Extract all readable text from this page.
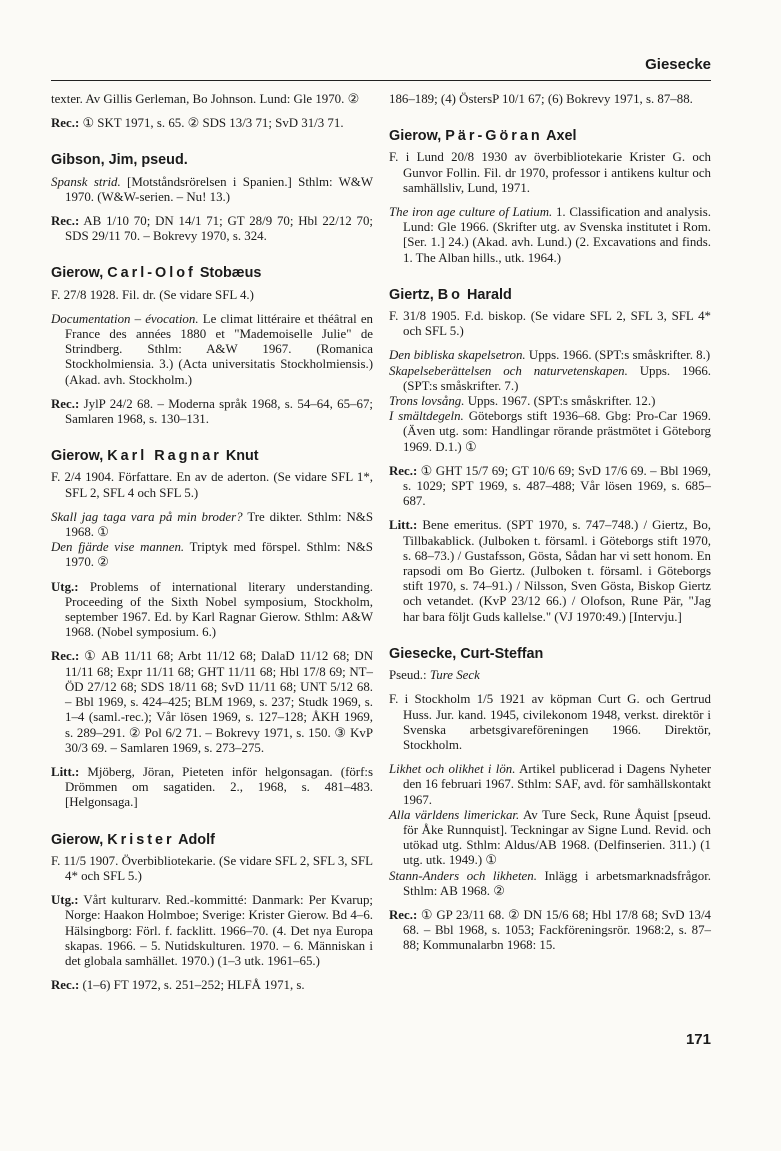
Giesecke

texter. Av Gillis Gerleman, Bo Johnson. Lund: Gle 1970. ②

Rec.: ① SKT 1971, s. 65. ② SDS 13/3 71; SvD 31/3 71.

Gibson, Jim, pseud.

Spansk strid. [Motståndsrörelsen i Spanien.] Sthlm: W&W 1970. (W&W-serien. – Nu! 13.)

Rec.: AB 1/10 70; DN 14/1 71; GT 28/9 70; Hbl 22/12 70; SDS 29/11 70. – Bokrevy 1970, s. 324.

Gierow, Carl-Olof Stobæus

F. 27/8 1928. Fil. dr. (Se vidare SFL 4.)

Documentation – évocation. Le climat littéraire et théâtral en France des années 1880 et "Mademoiselle Julie" de Strindberg. Sthlm: A&W 1967. (Romanica Stockholmiensia. 3.) (Acta universitatis Stockholmiensis.) (Akad. avh. Stockholm.)

Rec.: JylP 24/2 68. – Moderna språk 1968, s. 54–64, 65–67; Samlaren 1968, s. 130–131.

Gierow, Karl Ragnar Knut

F. 2/4 1904. Författare. En av de aderton. (Se vidare SFL 1*, SFL 2, SFL 4 och SFL 5.)

Skall jag taga vara på min broder? Tre dikter. Sthlm: N&S 1968. ①

Den fjärde vise mannen. Triptyk med förspel. Sthlm: N&S 1970. ②

Utg.: Problems of international literary understanding. Proceeding of the Sixth Nobel symposium, Stockholm, september 1967. Ed. by Karl Ragnar Gierow. Sthlm: A&W 1968. (Nobel symposium. 6.)

Rec.: ① AB 11/11 68; Arbt 11/12 68; DalaD 11/12 68; DN 11/11 68; Expr 11/11 68; GHT 11/11 68; Hbl 17/8 69; NT–ÖD 27/12 68; SDS 18/11 68; SvD 11/11 68; UNT 5/12 68. – Bbl 1969, s. 424–425; BLM 1969, s. 237; Studk 1969, s. 1–4 (saml.-rec.); Vår lösen 1969, s. 127–128; ÅKH 1969, s. 289–291. ② Pol 6/2 71. – Bokrevy 1971, s. 150. ③ KvP 30/3 69. – Samlaren 1969, s. 273–275.

Litt.: Mjöberg, Jöran, Pieteten inför helgonsagan. (förf:s Drömmen om sagatiden. 2., 1968, s. 481–483. [Helgonsaga.]

Gierow, Krister Adolf

F. 11/5 1907. Överbibliotekarie. (Se vidare SFL 2, SFL 3, SFL 4* och SFL 5.)

Utg.: Vårt kulturarv. Red.-kommitté: Danmark: Per Kvarup; Norge: Haakon Holmboe; Sverige: Krister Gierow. Bd 4–6. Hälsingborg: Förl. f. facklitt. 1966–70. (4. Det nya Europa skapas. 1966. – 5. Nutidskulturen. 1970. – 6. Människan i det globala samhället. 1970.) (1–3 utk. 1961–65.)

Rec.: (1–6) FT 1972, s. 251–252; HLFÅ 1971, s.

186–189; (4) ÖstersP 10/1 67; (6) Bokrevy 1971, s. 87–88.

Gierow, Pär-Göran Axel

F. i Lund 20/8 1930 av överbibliotekarie Krister G. och Gunvor Follin. Fil. dr 1970, professor i antikens kultur och samhällsliv, Lund, 1971.

The iron age culture of Latium. 1. Classification and analysis. Lund: Gle 1966. (Skrifter utg. av Svenska institutet i Rom. [Ser. 1.] 24.) (Akad. avh. Lund.) (2. Excavations and finds. 1. The Alban hills., utk. 1964.)

Giertz, Bo Harald

F. 31/8 1905. F.d. biskop. (Se vidare SFL 2, SFL 3, SFL 4* och SFL 5.)

Den bibliska skapelsetron. Upps. 1966. (SPT:s småskrifter. 8.)

Skapelseberättelsen och naturvetenskapen. Upps. 1966. (SPT:s småskrifter. 7.)

Trons lovsång. Upps. 1967. (SPT:s småskrifter. 12.)

I smältdegeln. Göteborgs stift 1936–68. Gbg: Pro-Car 1969. (Även utg. som: Handlingar rörande prästmötet i Göteborg 1969. D.1.) ①

Rec.: ① GHT 15/7 69; GT 10/6 69; SvD 17/6 69. – Bbl 1969, s. 1029; SPT 1969, s. 487–488; Vår lösen 1969, s. 685–687.

Litt.: Bene emeritus. (SPT 1970, s. 747–748.) / Giertz, Bo, Tillbakablick. (Julboken t. församl. i Göteborgs stift 1970, s. 68–73.) / Gustafsson, Gösta, Sådan har vi sett honom. En rapsodi om Bo Giertz. (Julboken t. församl. i Göteborgs stift 1970, s. 74–91.) / Nilsson, Sven Gösta, Biskop Giertz och vetandet. (KvP 23/12 66.) / Olofson, Rune Pär, "Jag har bara följt Guds kallelse." (VJ 1970:49.) [Intervju.]

Giesecke, Curt-Steffan

Pseud.: Ture Seck

F. i Stockholm 1/5 1921 av köpman Curt G. och Gertrud Huss. Jur. kand. 1945, civilekonom 1948, verkst. direktör i Svenska arbetsgivareföreningen 1966. Direktör, Stockholm.

Likhet och olikhet i lön. Artikel publicerad i Dagens Nyheter den 16 februari 1967. Sthlm: SAF, avd. för samhällskontakt 1967.

Alla världens limerickar. Av Ture Seck, Rune Åquist [pseud. för Åke Runnquist]. Teckningar av Signe Lund. Revid. och utökad utg. Sthlm: Aldus/AB 1968. (Delfinserien. 311.) (1 utg. utk. 1949.) ①

Stann-Anders och likheten. Inlägg i arbetsmarknadsfrågor. Sthlm: AB 1968. ②

Rec.: ① GP 23/11 68. ② DN 15/6 68; Hbl 17/8 68; SvD 13/4 68. – Bbl 1968, s. 1053; Fackföreningsrör. 1968:2, s. 87–88; Kommunalarbn 1968: 15.

171
